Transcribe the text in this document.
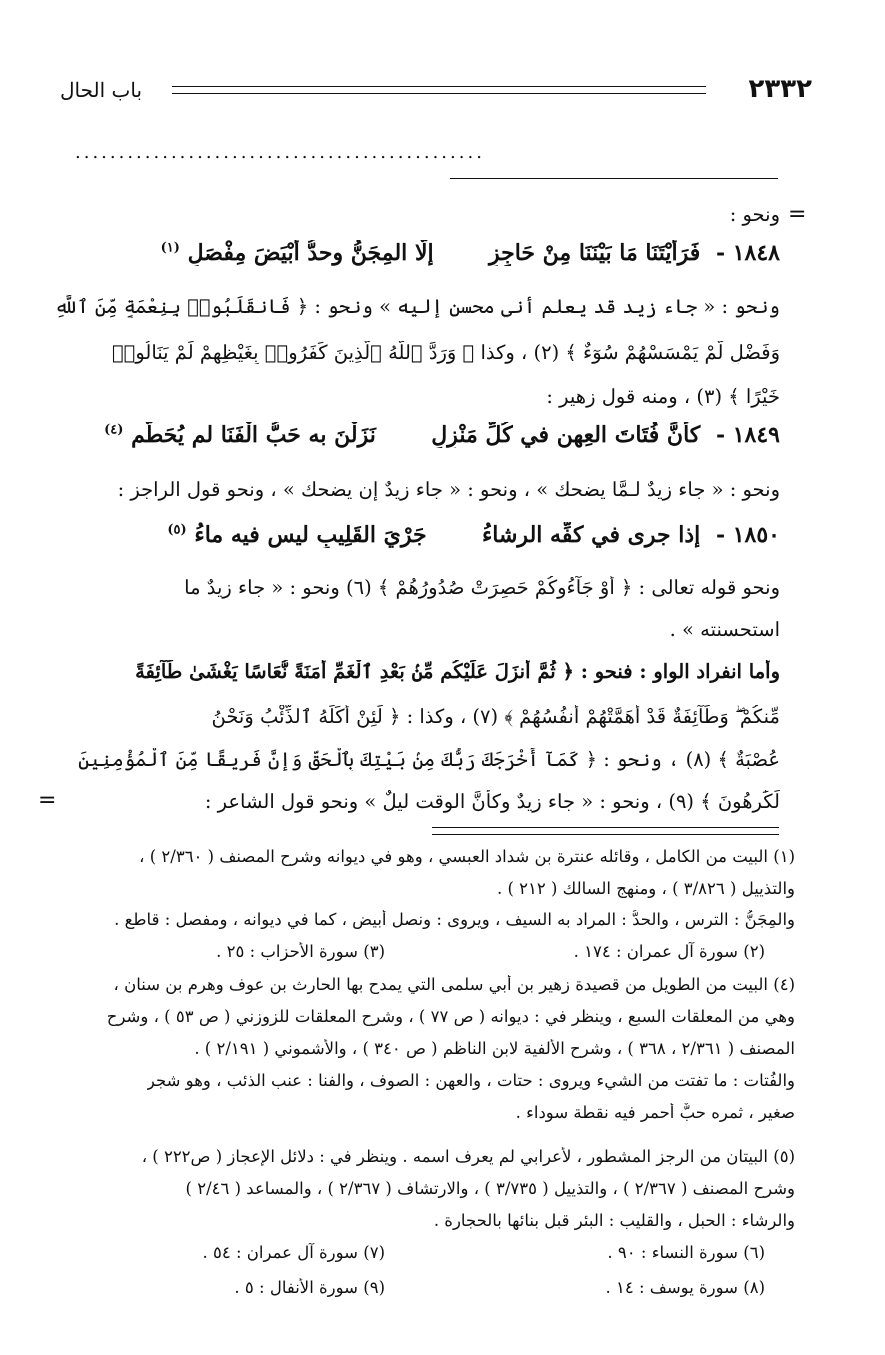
٢٣٣٢
باب الحال
...............................................
=
ونحو :
١٨٤٨ - فَرَأَيْتَنَا مَا بَيْنَنَا مِنْ حَاجِزٍ  إلَّا المِجَنُّ وحدُّ أبْيَضَ مِفْصَلِ $^{(١)}$
ونحو : « جاء زيد قد يعلم أني محسن إليه » ونحو : ﴿ فَانقَلَبُوا۟ بِنِعْمَةٍ مِّنَ ٱللَّهِ
وَفَضْلٍ لَّمْ يَمْسَسْهُمْ سُوٓءٌ ﴾ (٢) ، وكذا ﴿ وَرَدَّ ٱللَّهُ ٱلَّذِينَ كَفَرُوا۟ بِغَيْظِهِمْ لَمْ يَنَالُوا۟
خَيْرًا ﴾ (٣) ، ومنه قول زهير :
١٨٤٩ - كأنَّ فُتَاتَ العِهنِ في كُلِّ مَنْزِلٍ  نَزَلْنَ به حَبُّ الْفَنَا لم يُحَطَّمِ $^{(٤)}$
ونحو : « جاء زيدٌ لـمَّا يضحك » ، ونحو : « جاء زيدٌ إن يضحك » ، ونحو قول الراجز :
١٨٥٠ - إذا جرى في كفِّه الرشاءُ  جَرْيَ القَلِيبِ ليس فيه ماءُ $^{(٥)}$
ونحو قوله تعالى : ﴿ أَوْ جَآءُوكُمْ حَصِرَتْ صُدُورُهُمْ ﴾ (٦) ونحو : « جاء زيدٌ ما
استحسنته » .
وأما انفراد الواو : فنحو : ﴿ ثُمَّ أَنزَلَ عَلَيْكُم مِّنۢ بَعْدِ ٱلْغَمِّ أَمَنَةً نُّعَاسًا يَغْشَىٰ طَآئِفَةً
مِّنكُمْ ۖ وَطَآئِفَةٌ قَدْ أَهَمَّتْهُمْ أَنفُسُهُمْ ﴾ (٧) ، وكذا : ﴿ لَئِنْ أَكَلَهُ ٱلذِّئْبُ وَنَحْنُ
عُصْبَةٌ ﴾ (٨) ، ونحو : ﴿ كَمَآ أَخْرَجَكَ رَبُّكَ مِنۢ بَيْتِكَ بِٱلْحَقِّ وَإِنَّ فَرِيقًا مِّنَ ٱلْمُؤْمِنِينَ
لَكَٰرِهُونَ ﴾ (٩) ، ونحو : « جاء زيدٌ وكأنَّ الوقت ليلٌ » ونحو قول الشاعر :
=
(١) البيت من الكامل ، وقائله عنترة بن شداد العبسي ، وهو في ديوانه وشرح المصنف ( ٢/٣٦٠ ) ،
والتذييل ( ٣/٨٢٦ ) ، ومنهج السالك ( ٢١٢ ) .
والمِجَنُّ : الترس ، والحدُّ : المراد به السيف ، ويروى : ونصل أبيض ، كما في ديوانه ، ومفصل : قاطع .
(٢) سورة آل عمران : ١٧٤ .
(٣) سورة الأحزاب : ٢٥ .
(٤) البيت من الطويل من قصيدة زهير بن أبي سلمى التي يمدح بها الحارث بن عوف وهرم بن سنان ،
وهي من المعلقات السبع ، وينظر في : ديوانه ( ص ٧٧ ) ، وشرح المعلقات للزوزني ( ص ٥٣ ) ، وشرح
المصنف ( ٢/٣٦١ ، ٣٦٨ ) ، وشرح الألفية لابن الناظم ( ص ٣٤٠ ) ، والأشموني ( ٢/١٩١ ) .
والفُتات : ما تفتت من الشيء ويروى : حتات ، والعهن : الصوف ، والفنا : عنب الذئب ، وهو شجر
صغير ، ثمره حبٌّ أحمر فيه نقطة سوداء .
(٥) البيتان من الرجز المشطور ، لأعرابي لم يعرف اسمه . وينظر في : دلائل الإعجاز ( ص٢٢٢ ) ،
وشرح المصنف ( ٢/٣٦٧ ) ، والتذييل ( ٣/٧٣٥ ) ، والارتشاف ( ٢/٣٦٧ ) ، والمساعد ( ٢/٤٦ )
والرشاء : الحبل ، والقليب : البئر قبل بنائها بالحجارة .
(٦) سورة النساء : ٩٠ .
(٧) سورة آل عمران : ٥٤ .
(٨) سورة يوسف : ١٤ .
(٩) سورة الأنفال : ٥ .
